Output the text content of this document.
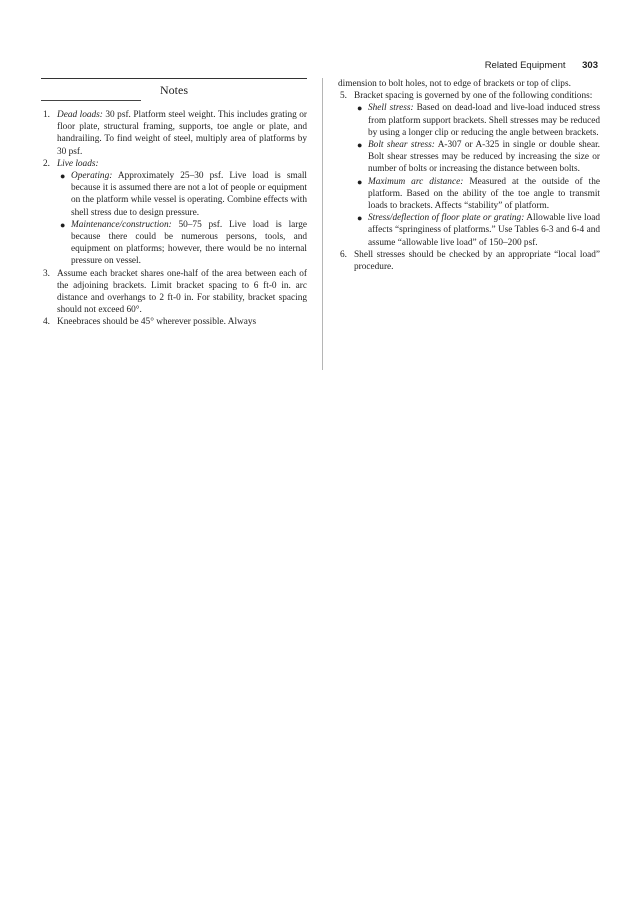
Related Equipment 303
Notes
1. Dead loads: 30 psf. Platform steel weight. This includes grating or floor plate, structural framing, supports, toe angle or plate, and handrailing. To find weight of steel, multiply area of platforms by 30 psf.
2. Live loads:
● Operating: Approximately 25–30 psf. Live load is small because it is assumed there are not a lot of people or equipment on the platform while vessel is operating. Combine effects with shell stress due to design pressure.
● Maintenance/construction: 50–75 psf. Live load is large because there could be numerous persons, tools, and equipment on platforms; however, there would be no internal pressure on vessel.
3. Assume each bracket shares one-half of the area between each of the adjoining brackets. Limit bracket spacing to 6 ft-0 in. arc distance and overhangs to 2 ft-0 in. For stability, bracket spacing should not exceed 60°.
4. Kneebraces should be 45° wherever possible. Always
dimension to bolt holes, not to edge of brackets or top of clips.
5. Bracket spacing is governed by one of the following conditions:
● Shell stress: Based on dead-load and live-load induced stress from platform support brackets. Shell stresses may be reduced by using a longer clip or reducing the angle between brackets.
● Bolt shear stress: A-307 or A-325 in single or double shear. Bolt shear stresses may be reduced by increasing the size or number of bolts or increasing the distance between bolts.
● Maximum arc distance: Measured at the outside of the platform. Based on the ability of the toe angle to transmit loads to brackets. Affects “stability” of platform.
● Stress/deflection of floor plate or grating: Allowable live load affects “springiness of platforms.” Use Tables 6-3 and 6-4 and assume “allowable live load” of 150–200 psf.
6. Shell stresses should be checked by an appropriate “local load” procedure.
